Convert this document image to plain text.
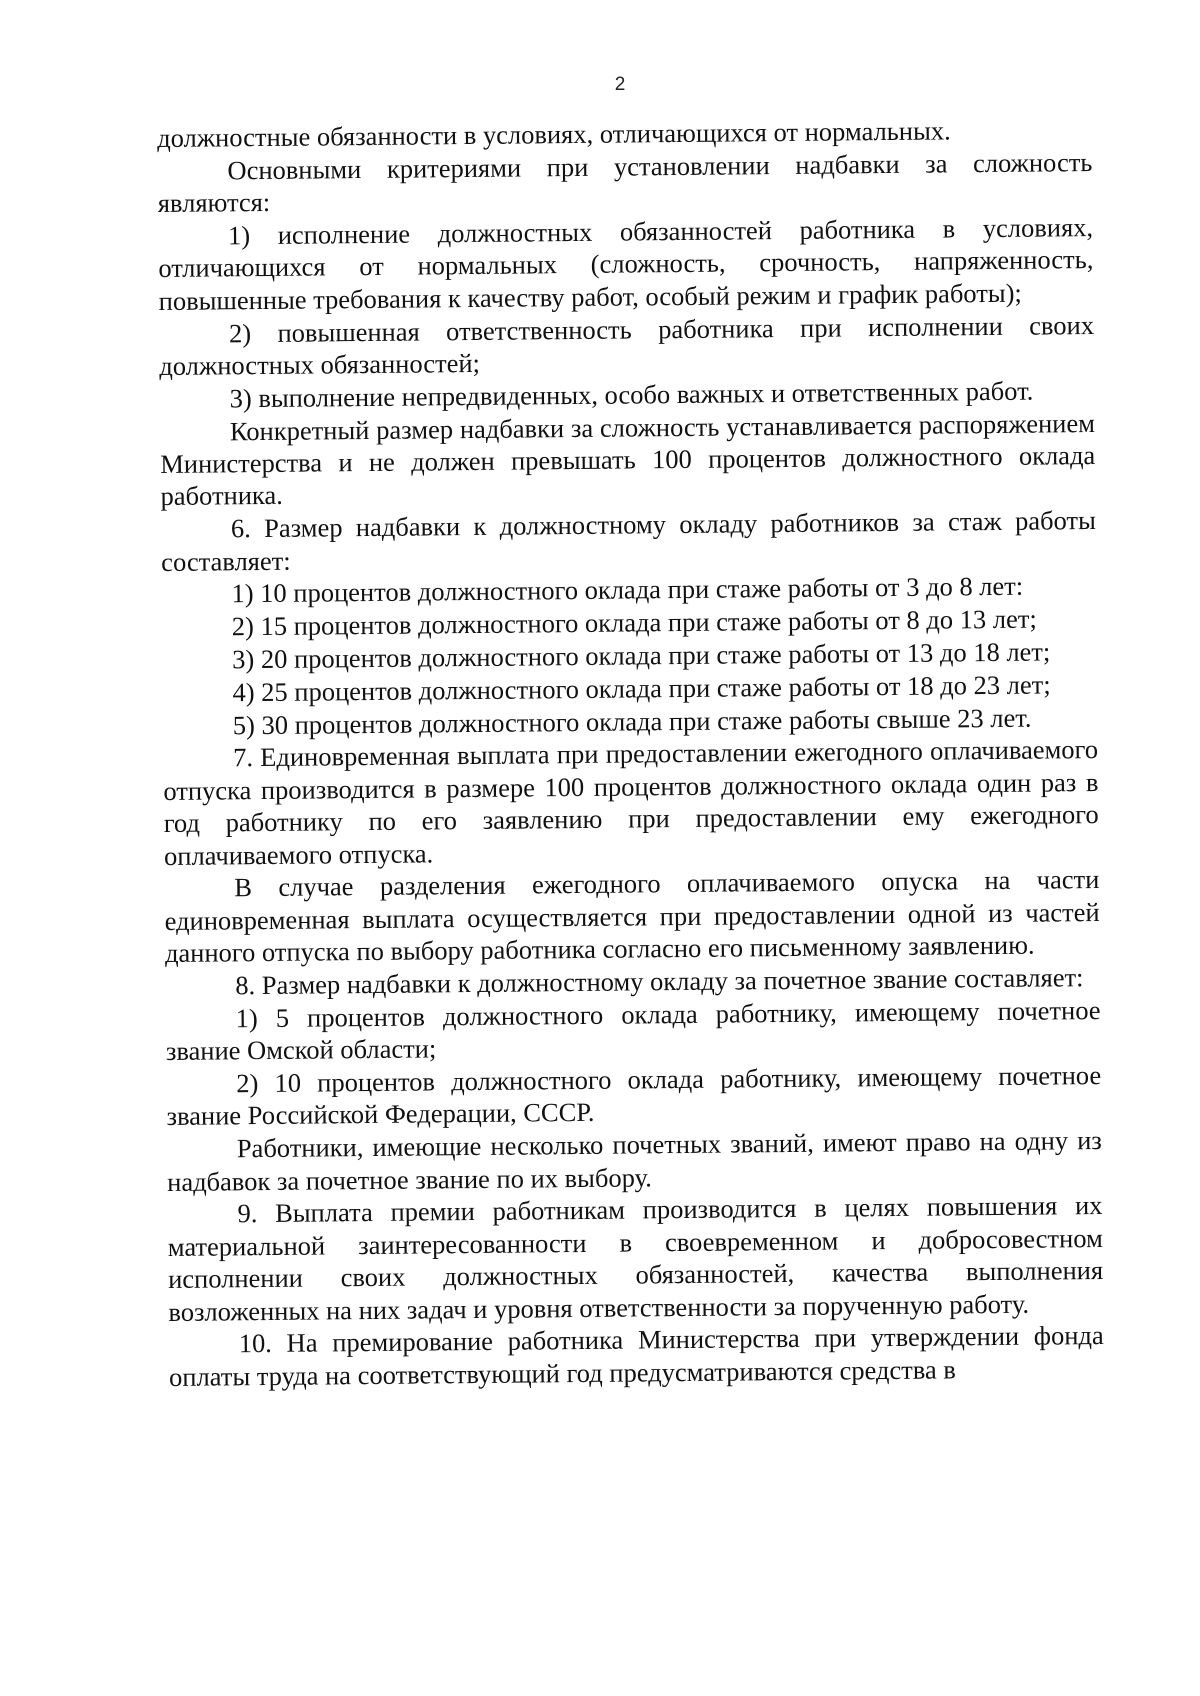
2

должностные обязанности в условиях, отличающихся от нормальных.

Основными критериями при установлении надбавки за сложность являются:

1) исполнение должностных обязанностей работника в условиях, отличающихся от нормальных (сложность, срочность, напряженность, повышенные требования к качеству работ, особый режим и график работы);

2) повышенная ответственность работника при исполнении своих должностных обязанностей;

3) выполнение непредвиденных, особо важных и ответственных работ.

Конкретный размер надбавки за сложность устанавливается распоряжением Министерства и не должен превышать 100 процентов должностного оклада работника.

6. Размер надбавки к должностному окладу работников за стаж работы составляет:

1) 10 процентов должностного оклада при стаже работы от 3 до 8 лет:

2) 15 процентов должностного оклада при стаже работы от 8 до 13 лет;

3) 20 процентов должностного оклада при стаже работы от 13 до 18 лет;

4) 25 процентов должностного оклада при стаже работы от 18 до 23 лет;

5) 30 процентов должностного оклада при стаже работы свыше 23 лет.

7. Единовременная выплата при предоставлении ежегодного оплачиваемого отпуска производится в размере 100 процентов должностного оклада один раз в год работнику по его заявлению при предоставлении ему ежегодного оплачиваемого отпуска.

В случае разделения ежегодного оплачиваемого опуска на части единовременная выплата осуществляется при предоставлении одной из частей данного отпуска по выбору работника согласно его письменному заявлению.

8. Размер надбавки к должностному окладу за почетное звание составляет:

1) 5 процентов должностного оклада работнику, имеющему почетное звание Омской области;

2) 10 процентов должностного оклада работнику, имеющему почетное звание Российской Федерации, СССР.

Работники, имеющие несколько почетных званий, имеют право на одну из надбавок за почетное звание по их выбору.

9. Выплата премии работникам производится в целях повышения их материальной заинтересованности в своевременном и добросовестном исполнении своих должностных обязанностей, качества выполнения возложенных на них задач и уровня ответственности за порученную работу.

10. На премирование работника Министерства при утверждении фонда оплаты труда на соответствующий год предусматриваются средства в
